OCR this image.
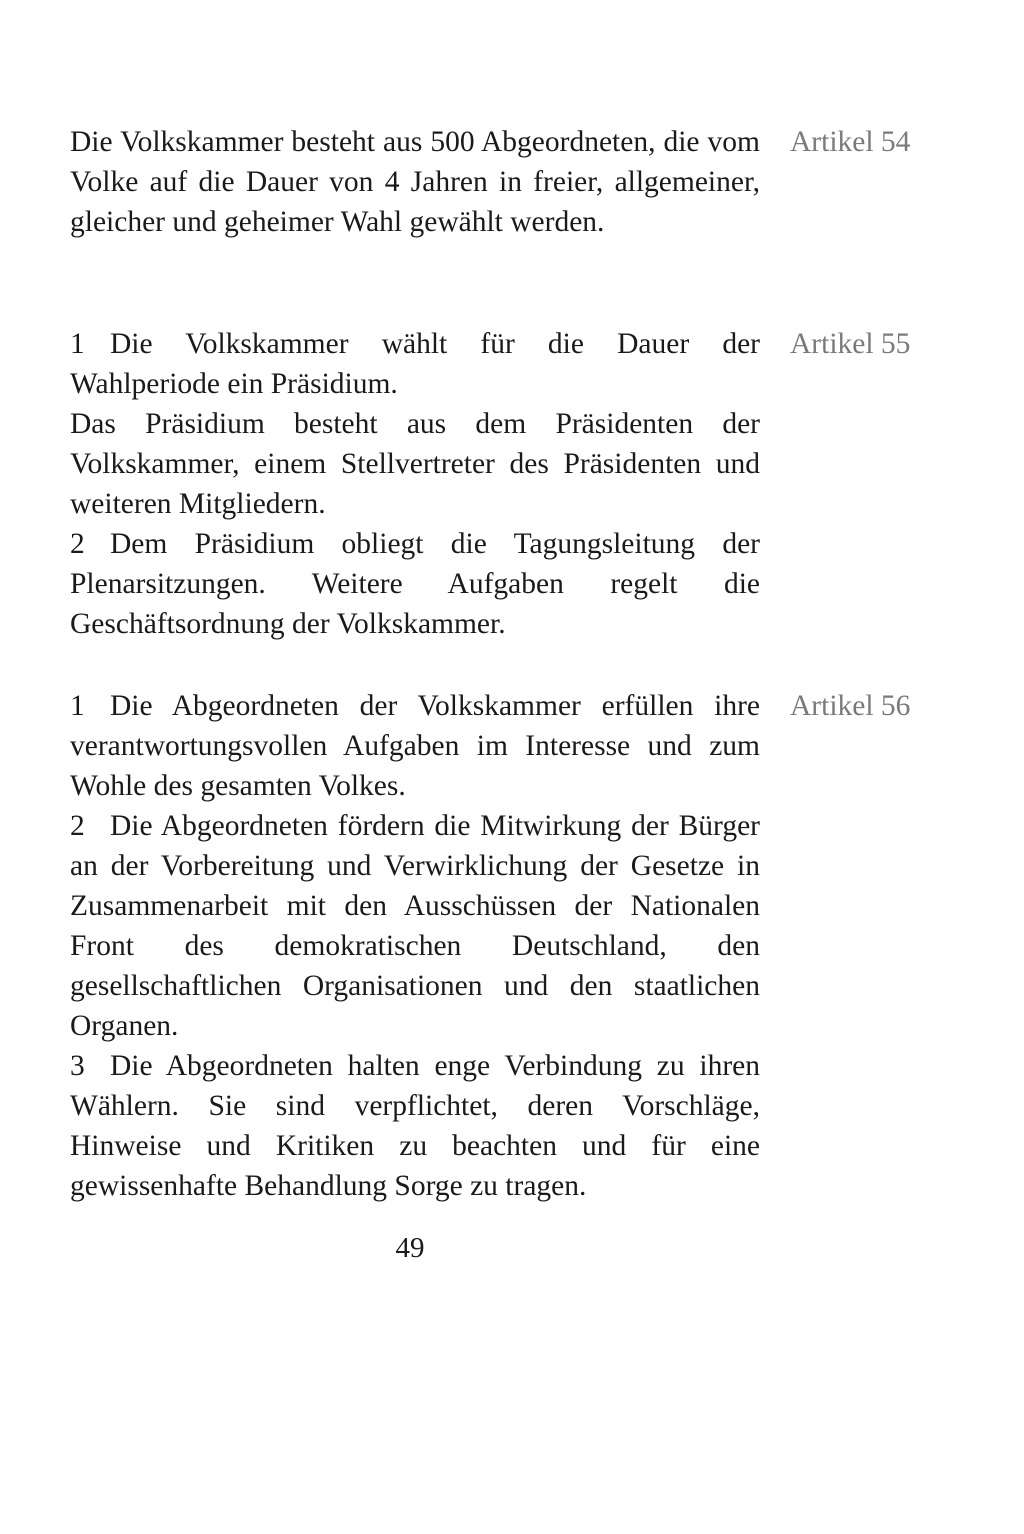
Artikel 54

Die Volkskammer besteht aus 500 Abgeordneten, die vom Volke auf die Dauer von 4 Jahren in freier, allgemeiner, gleicher und geheimer Wahl gewählt werden.

Artikel 55

1 Die Volkskammer wählt für die Dauer der Wahlperiode ein Präsidium.

Das Präsidium besteht aus dem Präsidenten der Volkskammer, einem Stellvertreter des Präsidenten und weiteren Mitgliedern.

2 Dem Präsidium obliegt die Tagungsleitung der Plenarsitzungen. Weitere Aufgaben regelt die Geschäftsordnung der Volkskammer.

Artikel 56

1 Die Abgeordneten der Volkskammer erfüllen ihre verantwortungsvollen Aufgaben im Interesse und zum Wohle des gesamten Volkes.

2 Die Abgeordneten fördern die Mitwirkung der Bürger an der Vorbereitung und Verwirklichung der Gesetze in Zusammenarbeit mit den Ausschüssen der Nationalen Front des demokratischen Deutschland, den gesellschaftlichen Organisationen und den staatlichen Organen.

3 Die Abgeordneten halten enge Verbindung zu ihren Wählern. Sie sind verpflichtet, deren Vorschläge, Hinweise und Kritiken zu beachten und für eine gewissenhafte Behandlung Sorge zu tragen.

49
